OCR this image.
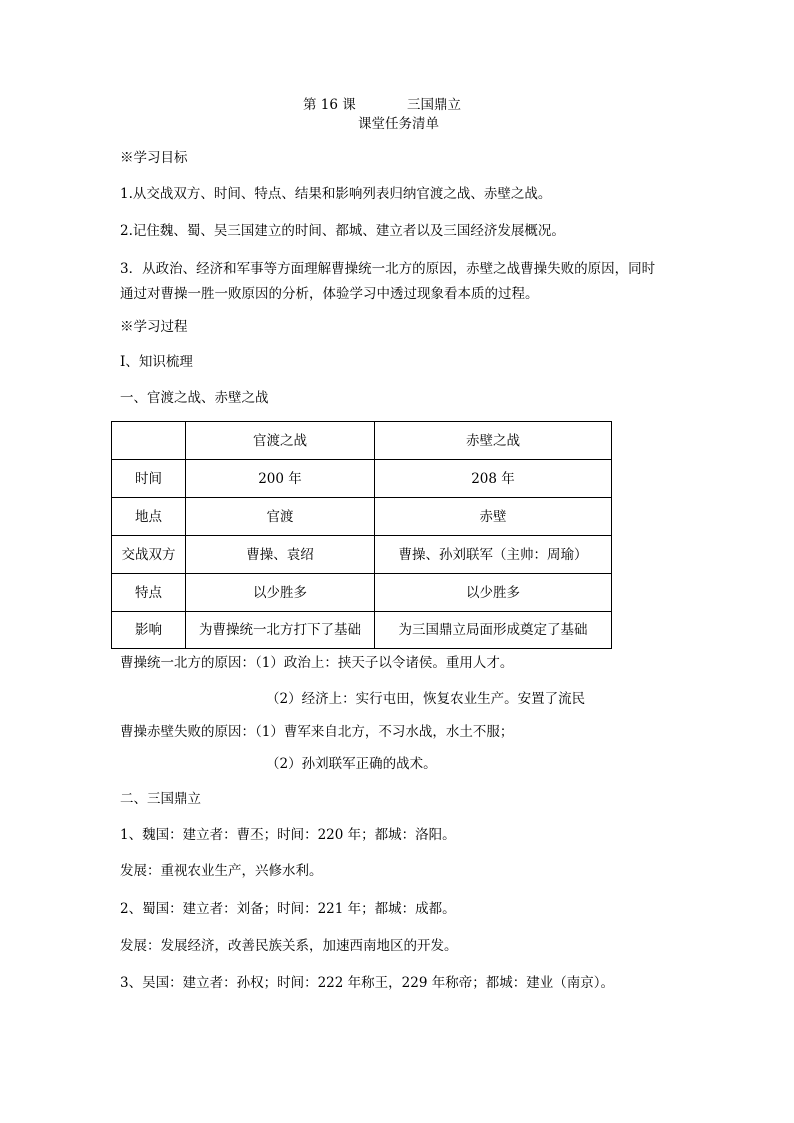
第 16 课	三国鼎立
课堂任务清单
※学习目标
1.从交战双方、时间、特点、结果和影响列表归纳官渡之战、赤壁之战。
2.记住魏、蜀、吴三国建立的时间、都城、建立者以及三国经济发展概况。
3．从政治、经济和军事等方面理解曹操统一北方的原因，赤壁之战曹操失败的原因，同时
通过对曹操一胜一败原因的分析，体验学习中透过现象看本质的过程。
※学习过程
Ⅰ、知识梳理
一、官渡之战、赤壁之战
	官渡之战	赤壁之战
时间	200 年	208 年
地点	官渡	赤壁
交战双方	曹操、袁绍	曹操、孙刘联军（主帅：周瑜）
特点	以少胜多	以少胜多
影响	为曹操统一北方打下了基础	为三国鼎立局面形成奠定了基础
曹操统一北方的原因：（1）政治上：挟天子以令诸侯。重用人才。
（2）经济上：实行屯田，恢复农业生产。安置了流民
曹操赤壁失败的原因：（1）曹军来自北方，不习水战，水土不服；
（2）孙刘联军正确的战术。
二、三国鼎立
1、魏国：建立者：曹丕；时间：220 年；都城：洛阳。
发展：重视农业生产，兴修水利。
2、蜀国：建立者：刘备；时间：221 年；都城：成都。
发展：发展经济，改善民族关系，加速西南地区的开发。
3、吴国：建立者：孙权；时间：222 年称王，229 年称帝；都城：建业（南京）。
